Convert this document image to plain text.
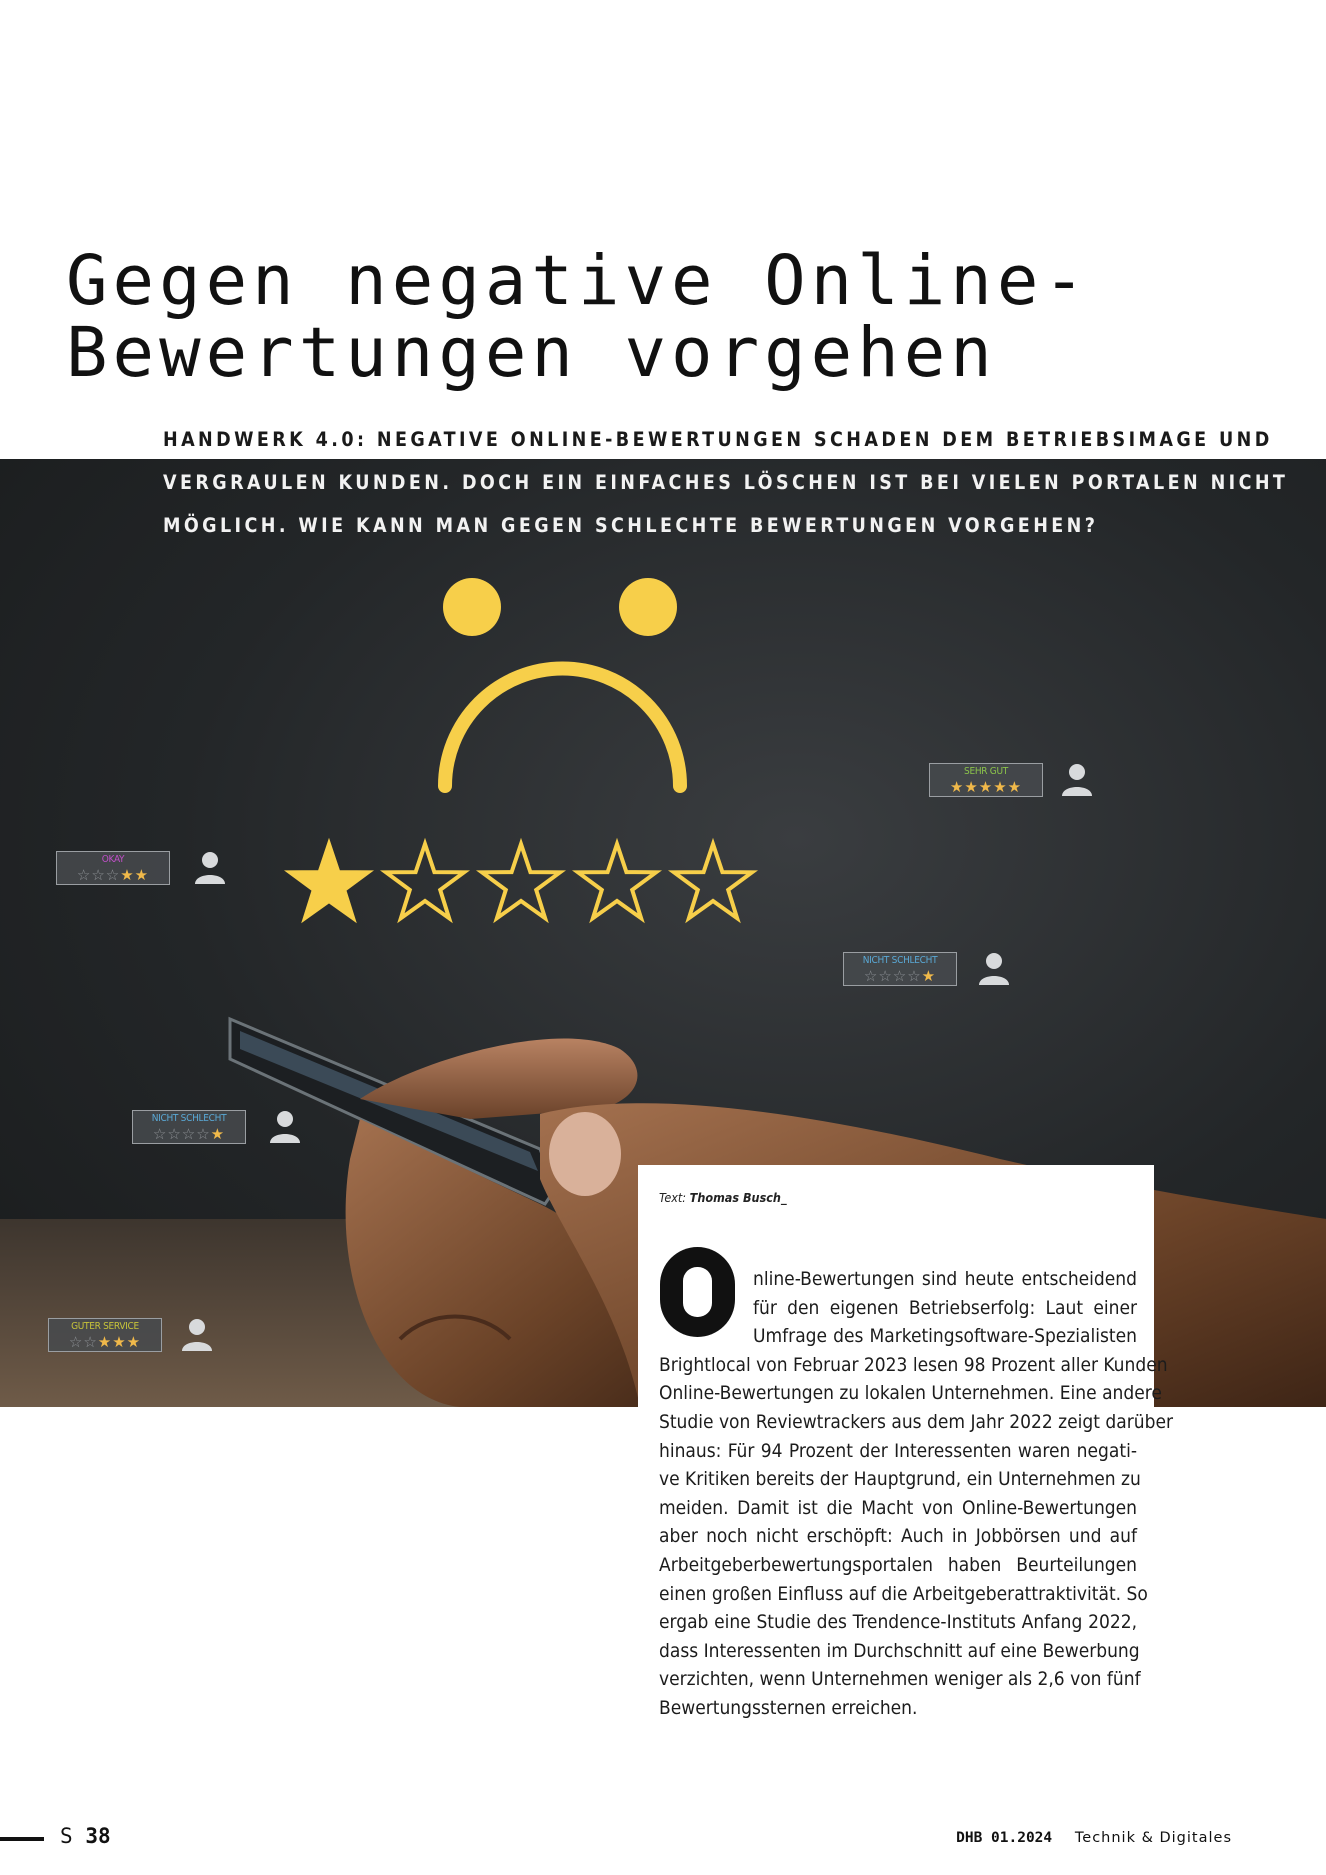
Gegen negative Online-
Bewertungen vorgehen
HANDWERK 4.0: NEGATIVE ONLINE-BEWERTUNGEN SCHADEN DEM BETRIEBSIMAGE UND
VERGRAULEN KUNDEN. DOCH EIN EINFACHES LÖSCHEN IST BEI VIELEN PORTALEN NICHT
MÖGLICH. WIE KANN MAN GEGEN SCHLECHTE BEWERTUNGEN VORGEHEN?
SEHR GUT
★★★★★
OKAY
☆☆☆★★
NICHT SCHLECHT
☆☆☆☆★
NICHT SCHLECHT
☆☆☆☆★
GUTER SERVICE
☆☆★★★
Text: Thomas Busch_

nline-Bewertungen sind heute entscheidend
für den eigenen Betriebserfolg: Laut einer
Umfrage des Marketingsoftware-Spezialisten
Brightlocal von Februar 2023 lesen 98 Prozent aller Kunden
Online-Bewertungen zu lokalen Unternehmen. Eine andere
Studie von Reviewtrackers aus dem Jahr 2022 zeigt darüber
hinaus: Für 94 Prozent der Interessenten waren negati-
ve Kritiken bereits der Hauptgrund, ein Unternehmen zu
meiden. Damit ist die Macht von Online-Bewertungen
aber noch nicht erschöpft: Auch in Jobbörsen und auf
Arbeitgeberbewertungsportalen haben Beurteilungen
einen großen Einfluss auf die Arbeitgeberattraktivität. So
ergab eine Studie des Trendence-Instituts Anfang 2022,
dass Interessenten im Durchschnitt auf eine Bewerbung
verzichten, wenn Unternehmen weniger als 2,6 von fünf
Bewertungssternen erreichen.

S 38	DHB 01.2024 Technik & Digitales
